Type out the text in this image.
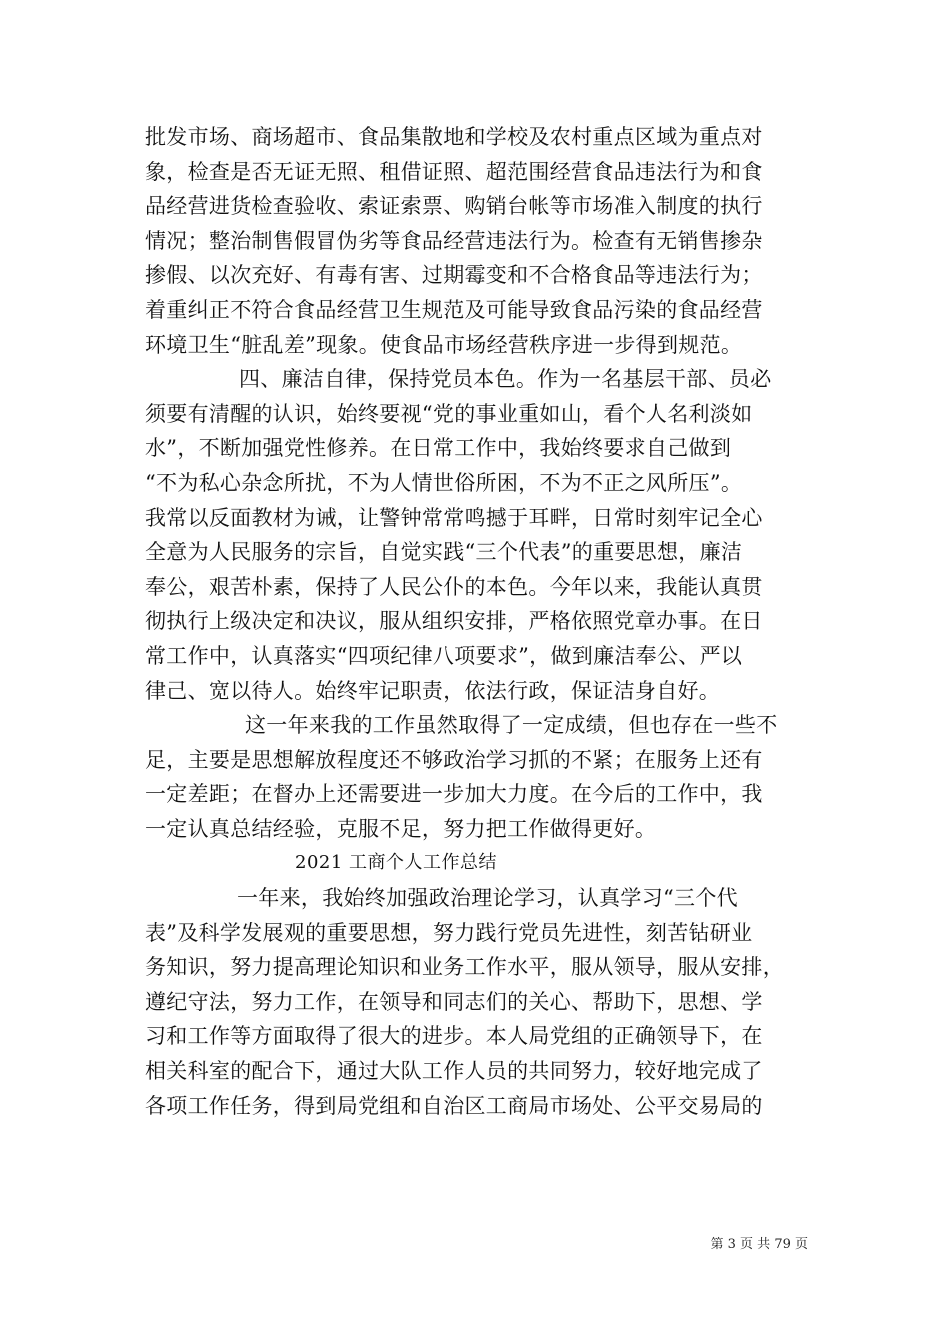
批发市场、商场超市、食品集散地和学校及农村重点区域为重点对
象，检查是否无证无照、租借证照、超范围经营食品违法行为和食
品经营进货检查验收、索证索票、购销台帐等市场准入制度的执行
情况；整治制售假冒伪劣等食品经营违法行为。检查有无销售掺杂
掺假、以次充好、有毒有害、过期霉变和不合格食品等违法行为；
着重纠正不符合食品经营卫生规范及可能导致食品污染的食品经营
环境卫生“脏乱差”现象。使食品市场经营秩序进一步得到规范。
四、廉洁自律，保持党员本色。作为一名基层干部、员必
须要有清醒的认识，始终要视“党的事业重如山，看个人名利淡如
水”，不断加强党性修养。在日常工作中，我始终要求自己做到
“不为私心杂念所扰，不为人情世俗所困，不为不正之风所压”。
我常以反面教材为诫，让警钟常常鸣撼于耳畔，日常时刻牢记全心
全意为人民服务的宗旨，自觉实践“三个代表”的重要思想，廉洁
奉公，艰苦朴素，保持了人民公仆的本色。今年以来，我能认真贯
彻执行上级决定和决议，服从组织安排，严格依照党章办事。在日
常工作中，认真落实“四项纪律八项要求”，做到廉洁奉公、严以
律己、宽以待人。始终牢记职责，依法行政，保证洁身自好。
这一年来我的工作虽然取得了一定成绩，但也存在一些不
足，主要是思想解放程度还不够政治学习抓的不紧；在服务上还有
一定差距；在督办上还需要进一步加大力度。在今后的工作中，我
一定认真总结经验，克服不足，努力把工作做得更好。
2021 工商个人工作总结
一年来，我始终加强政治理论学习，认真学习“三个代
表”及科学发展观的重要思想，努力践行党员先进性，刻苦钻研业
务知识，努力提高理论知识和业务工作水平，服从领导，服从安排，
遵纪守法，努力工作，在领导和同志们的关心、帮助下，思想、学
习和工作等方面取得了很大的进步。本人局党组的正确领导下，在
相关科室的配合下，通过大队工作人员的共同努力，较好地完成了
各项工作任务，得到局党组和自治区工商局市场处、公平交易局的
第 3 页 共 79 页
